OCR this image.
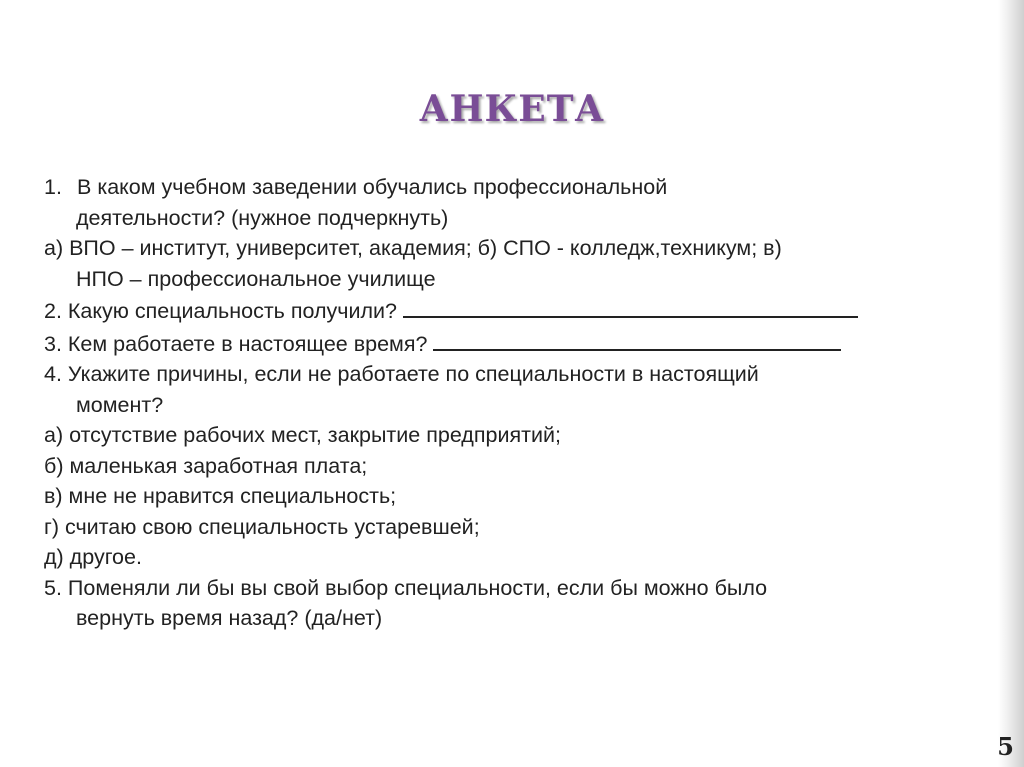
АНКЕТА
1. В каком учебном заведении обучались профессиональной
деятельности? (нужное подчеркнуть)
а) ВПО – институт, университет, академия; б) СПО - колледж,техникум; в)
НПО – профессиональное училище
2. Какую специальность получили?
3. Кем работаете в настоящее время?
4. Укажите причины, если не работаете по специальности в настоящий
момент?
а) отсутствие рабочих мест, закрытие предприятий;
б) маленькая заработная плата;
в) мне не нравится специальность;
г) считаю свою специальность устаревшей;
д) другое.
5. Поменяли ли бы вы свой выбор специальности, если бы можно было
вернуть время назад? (да/нет)
5
